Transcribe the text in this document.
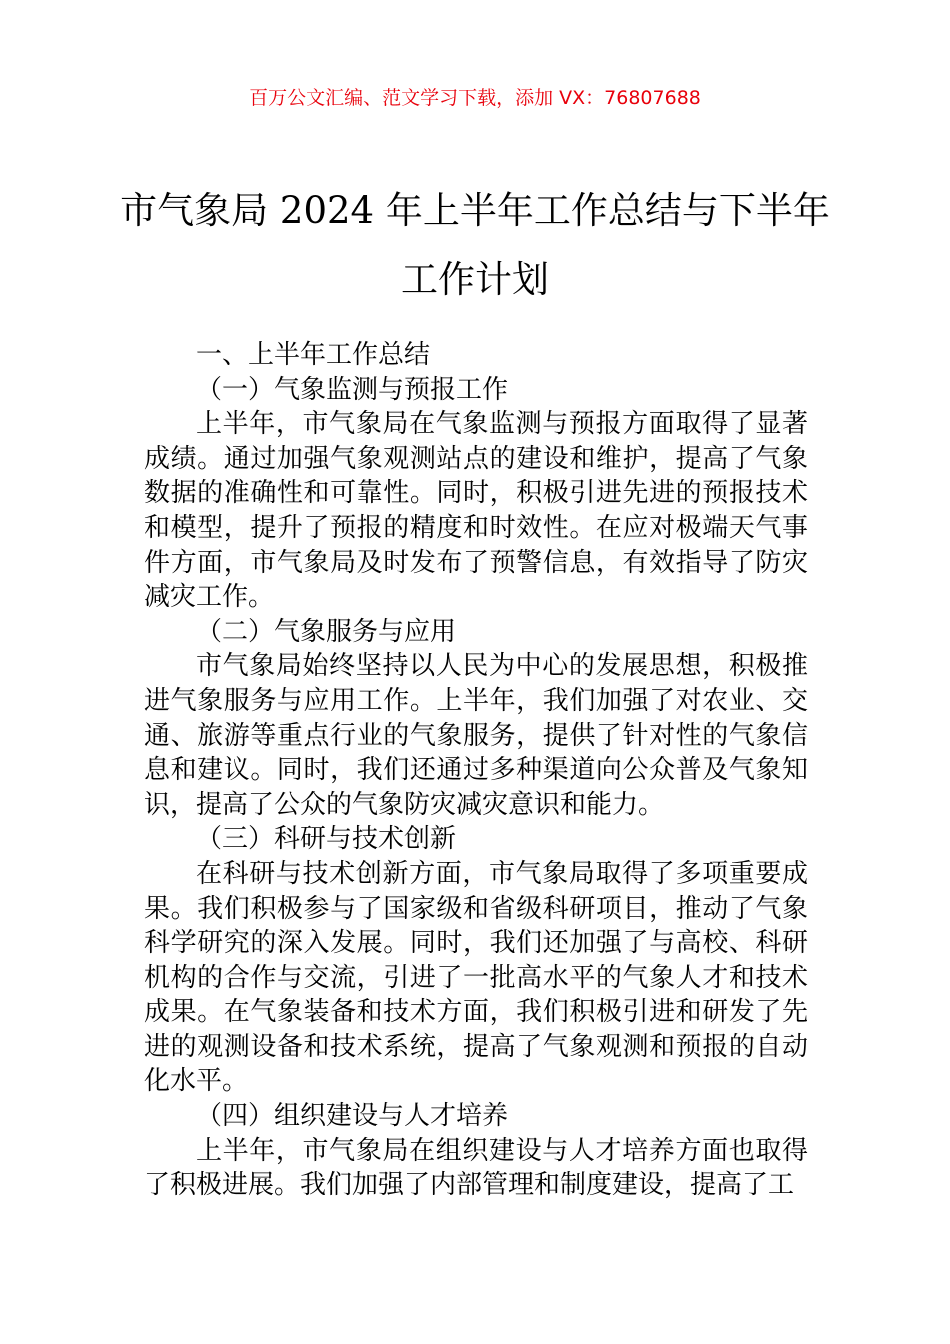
百万公文汇编、范文学习下载，添加 VX：76807688
市气象局 2024 年上半年工作总结与下半年
工作计划

一、上半年工作总结

（一）气象监测与预报工作

上半年，市气象局在气象监测与预报方面取得了显著成绩。通过加强气象观测站点的建设和维护，提高了气象数据的准确性和可靠性。同时，积极引进先进的预报技术和模型，提升了预报的精度和时效性。在应对极端天气事件方面，市气象局及时发布了预警信息，有效指导了防灾减灾工作。

（二）气象服务与应用

市气象局始终坚持以人民为中心的发展思想，积极推进气象服务与应用工作。上半年，我们加强了对农业、交通、旅游等重点行业的气象服务，提供了针对性的气象信息和建议。同时，我们还通过多种渠道向公众普及气象知识，提高了公众的气象防灾减灾意识和能力。

（三）科研与技术创新

在科研与技术创新方面，市气象局取得了多项重要成果。我们积极参与了国家级和省级科研项目，推动了气象科学研究的深入发展。同时，我们还加强了与高校、科研机构的合作与交流，引进了一批高水平的气象人才和技术成果。在气象装备和技术方面，我们积极引进和研发了先进的观测设备和技术系统，提高了气象观测和预报的自动化水平。

（四）组织建设与人才培养

上半年，市气象局在组织建设与人才培养方面也取得了积极进展。我们加强了内部管理和制度建设，提高了工
